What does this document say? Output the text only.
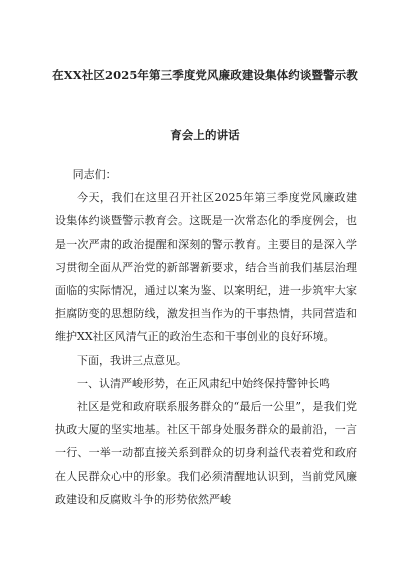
在XX社区2025年第三季度党风廉政建设集体约谈暨警示教
育会上的讲话

同志们：

今天，我们在这里召开社区2025年第三季度党风廉政建设集体约谈暨警示教育会。这既是一次常态化的季度例会，也是一次严肃的政治提醒和深刻的警示教育。主要目的是深入学习贯彻全面从严治党的新部署新要求，结合当前我们基层治理面临的实际情况，通过以案为鉴、以案明纪，进一步筑牢大家拒腐防变的思想防线，激发担当作为的干事热情，共同营造和维护XX社区风清气正的政治生态和干事创业的良好环境。

下面，我讲三点意见。

一、认清严峻形势，在正风肃纪中始终保持警钟长鸣

社区是党和政府联系服务群众的“最后一公里”，是我们党执政大厦的坚实地基。社区干部身处服务群众的最前沿，一言一行、一举一动都直接关系到群众的切身利益代表着党和政府在人民群众心中的形象。我们必须清醒地认识到，当前党风廉政建设和反腐败斗争的形势依然严峻
